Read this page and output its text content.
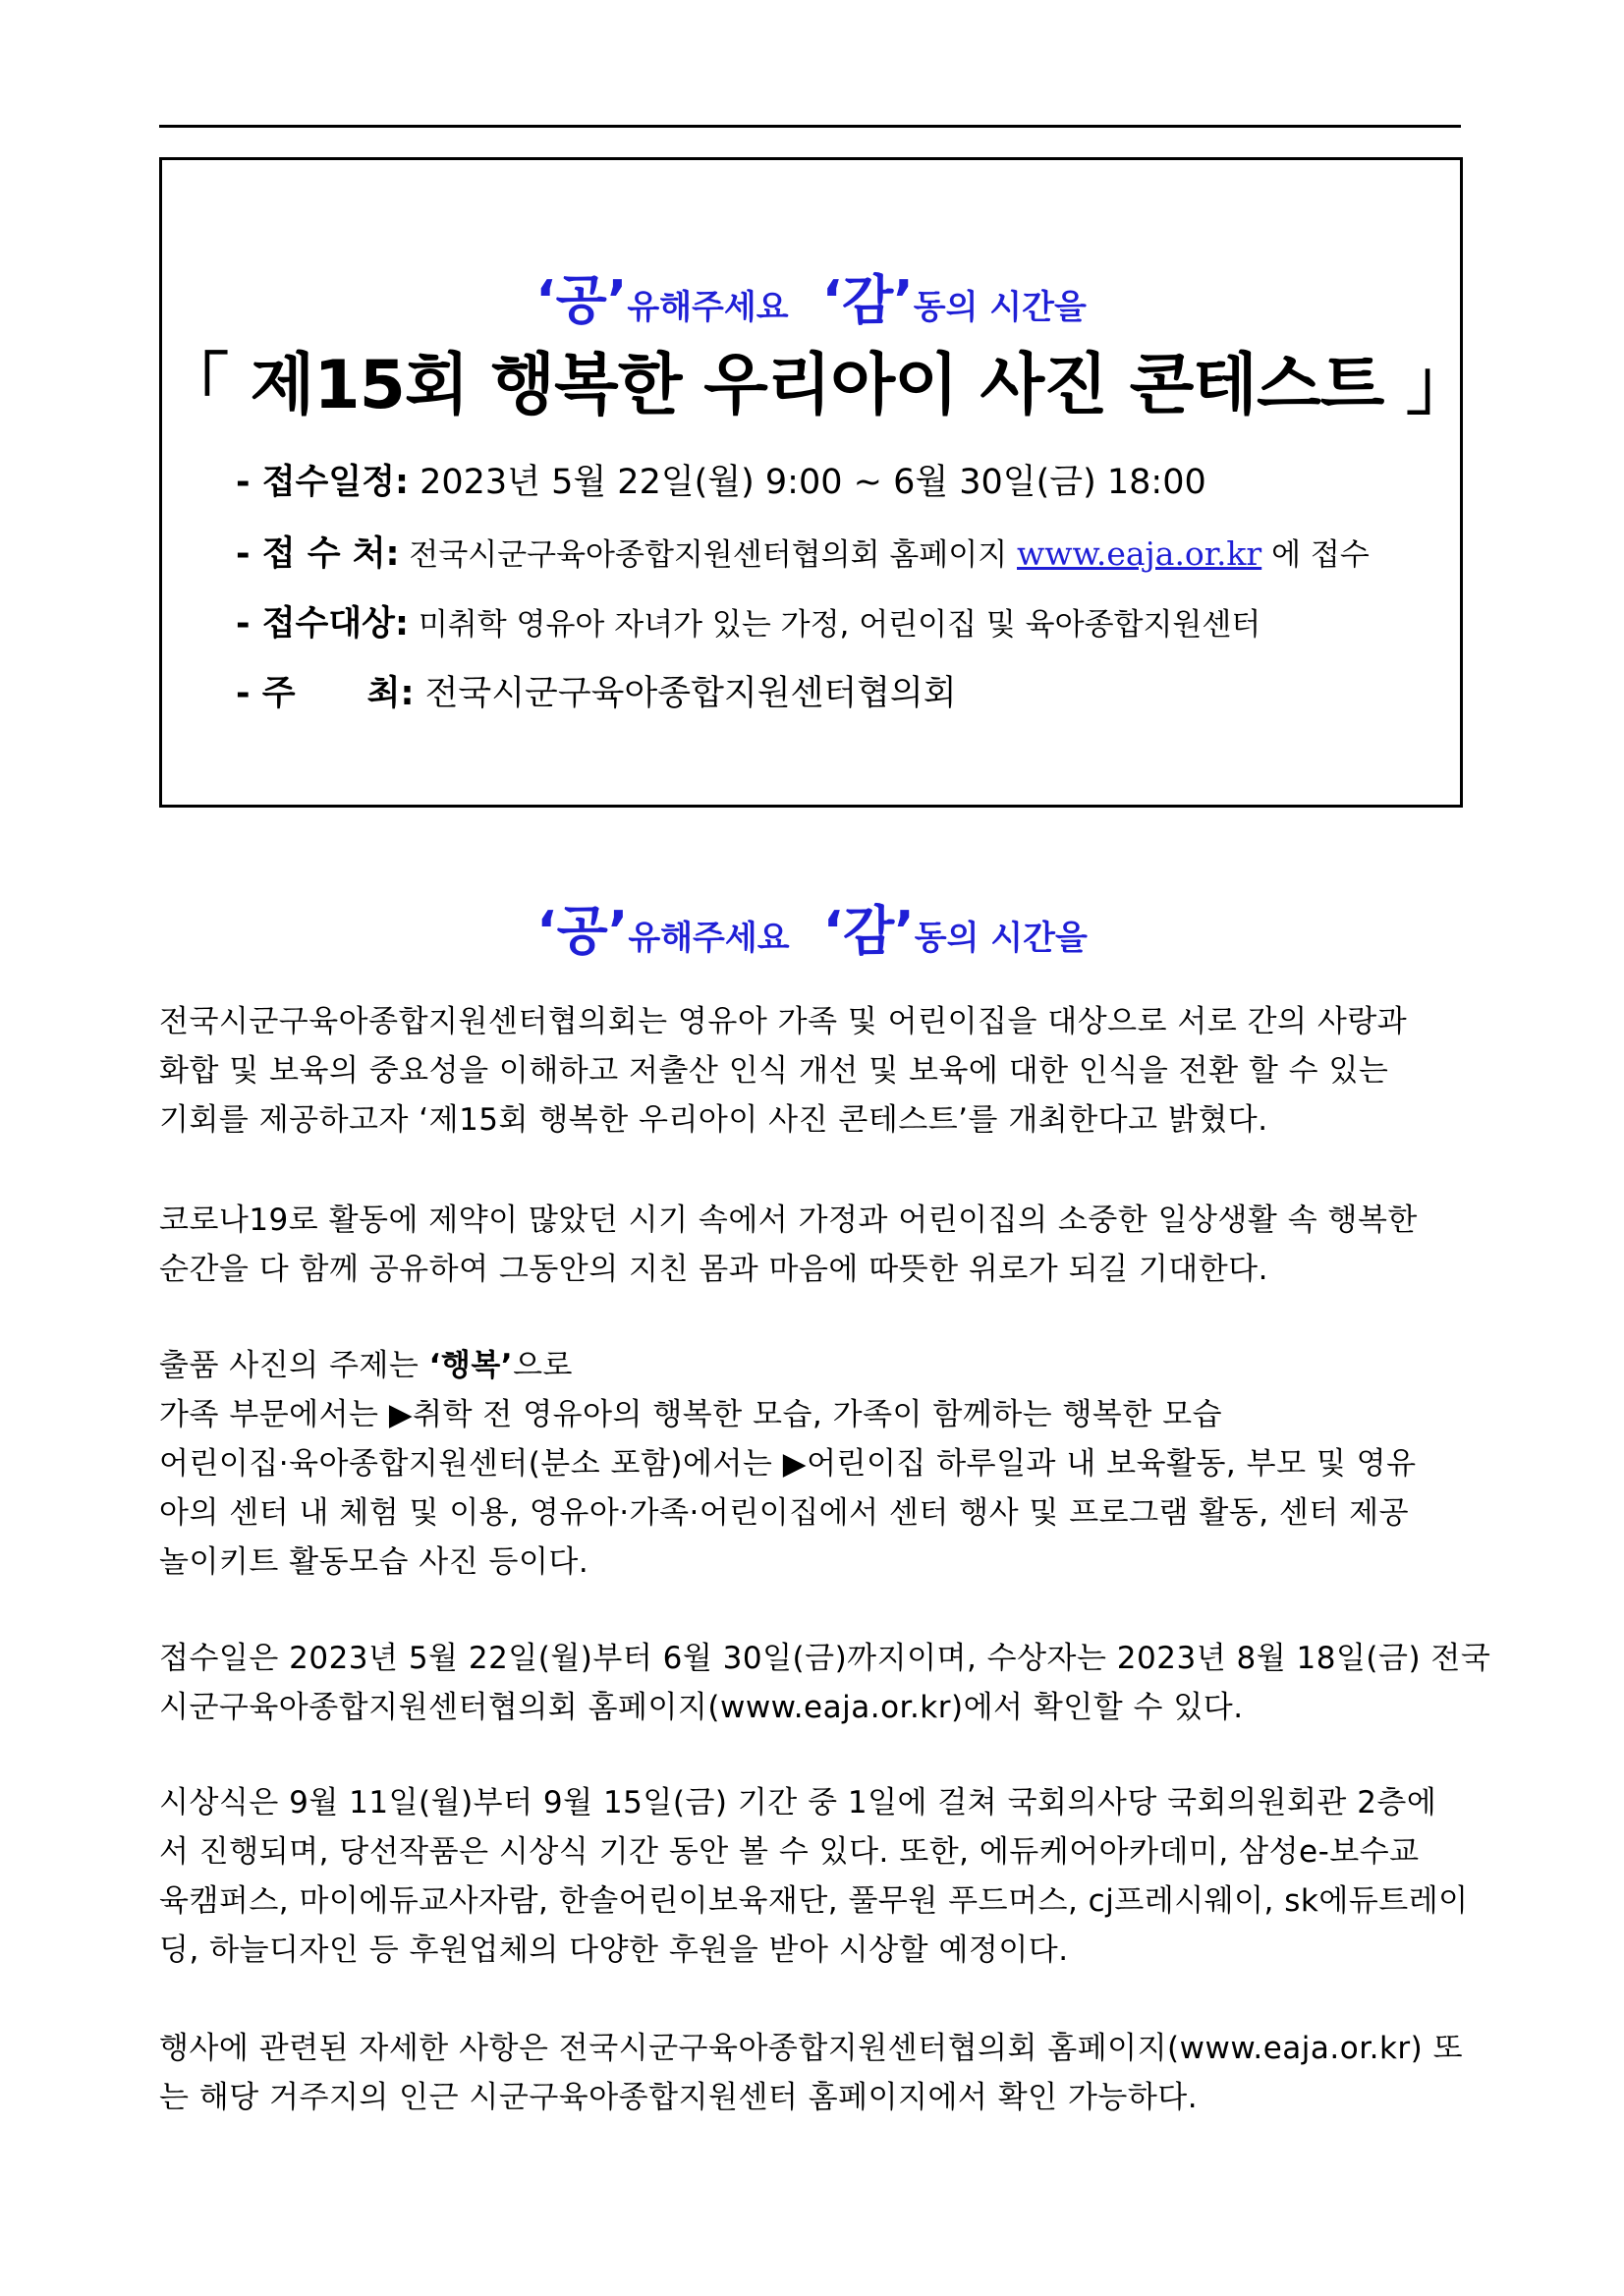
‘공’유해주세요 ‘감’동의 시간을
「 제15회 행복한 우리아이 사진 콘테스트 」
- 접수일정: 2023년 5월 22일(월) 9:00 ~ 6월 30일(금) 18:00
- 접 수 처: 전국시군구육아종합지원센터협의회 홈페이지 www.eaja.or.kr 에 접수
- 접수대상: 미취학 영유아 자녀가 있는 가정, 어린이집 및 육아종합지원센터
- 주      최: 전국시군구육아종합지원센터협의회
‘공’유해주세요 ‘감’동의 시간을
전국시군구육아종합지원센터협의회는 영유아 가족 및 어린이집을 대상으로 서로 간의 사랑과
화합 및 보육의 중요성을 이해하고 저출산 인식 개선 및 보육에 대한 인식을 전환 할 수 있는
기회를 제공하고자 ‘제15회 행복한 우리아이 사진 콘테스트’를 개최한다고 밝혔다.
코로나19로 활동에 제약이 많았던 시기 속에서 가정과 어린이집의 소중한 일상생활 속 행복한
순간을 다 함께 공유하여 그동안의 지친 몸과 마음에 따뜻한 위로가 되길 기대한다.
출품 사진의 주제는 ‘행복’으로
가족 부문에서는 ▶취학 전 영유아의 행복한 모습, 가족이 함께하는 행복한 모습
어린이집·육아종합지원센터(분소 포함)에서는 ▶어린이집 하루일과 내 보육활동, 부모 및 영유
아의 센터 내 체험 및 이용, 영유아·가족·어린이집에서 센터 행사 및 프로그램 활동, 센터 제공
놀이키트 활동모습 사진 등이다.
접수일은 2023년 5월 22일(월)부터 6월 30일(금)까지이며, 수상자는 2023년 8월 18일(금) 전국
시군구육아종합지원센터협의회 홈페이지(www.eaja.or.kr)에서 확인할 수 있다.
시상식은 9월 11일(월)부터 9월 15일(금) 기간 중 1일에 걸쳐 국회의사당 국회의원회관 2층에
서 진행되며, 당선작품은 시상식 기간 동안 볼 수 있다. 또한, 에듀케어아카데미, 삼성e-보수교
육캠퍼스, 마이에듀교사자람, 한솔어린이보육재단, 풀무원 푸드머스, cj프레시웨이, sk에듀트레이
딩, 하늘디자인 등 후원업체의 다양한 후원을 받아 시상할 예정이다.
행사에 관련된 자세한 사항은 전국시군구육아종합지원센터협의회 홈페이지(www.eaja.or.kr) 또
는 해당 거주지의 인근 시군구육아종합지원센터 홈페이지에서 확인 가능하다.
